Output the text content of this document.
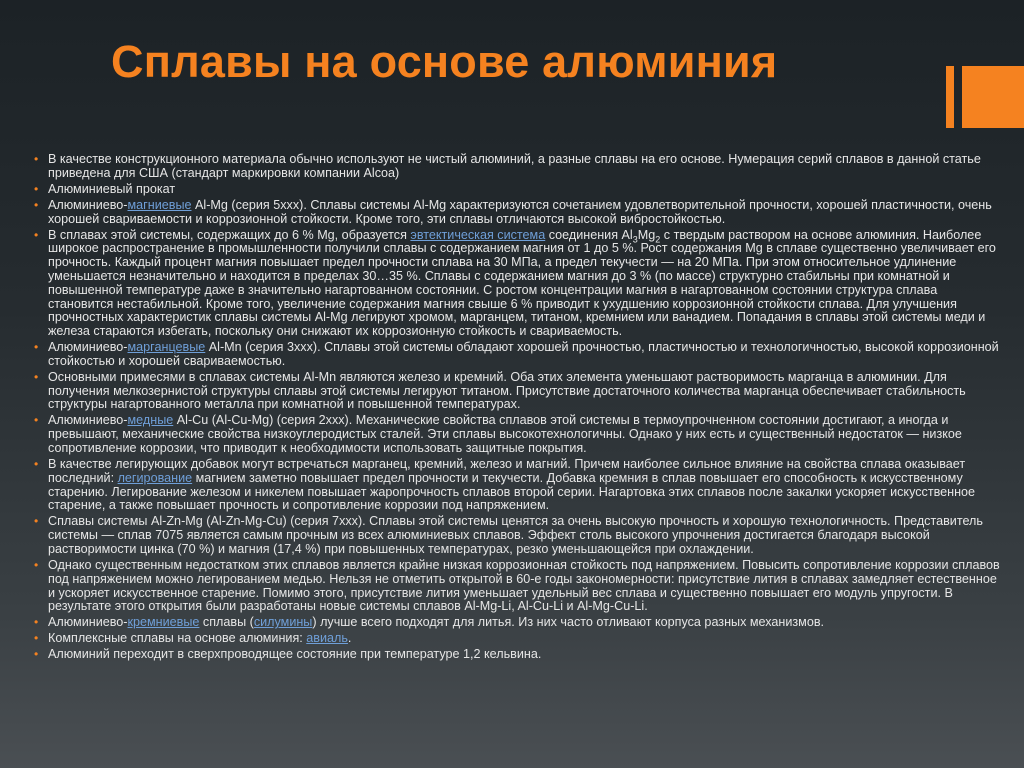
Сплавы на основе алюминия
• В качестве конструкционного материала обычно используют не чистый алюминий, а разные сплавы на его основе. Нумерация серий сплавов в данной статье приведена для США (стандарт маркировки компании Alcoa)
• Алюминиевый прокат
• Алюминиево-магниевые Al-Mg (серия 5ххх). Сплавы системы Al-Mg характеризуются сочетанием удовлетворительной прочности, хорошей пластичности, очень хорошей свариваемости и коррозионной стойкости. Кроме того, эти сплавы отличаются высокой вибростойкостью.
• В сплавах этой системы, содержащих до 6 % Mg, образуется эвтектическая система соединения $Al_3Mg_2$ с твердым раствором на основе алюминия. Наиболее широкое распространение в промышленности получили сплавы с содержанием магния от 1 до 5 %. Рост содержания Mg в сплаве существенно увеличивает его прочность. Каждый процент магния повышает предел прочности сплава на 30 МПа, а предел текучести — на 20 МПа. При этом относительное удлинение уменьшается незначительно и находится в пределах 30…35 %. Сплавы с содержанием магния до 3 % (по массе) структурно стабильны при комнатной и повышенной температуре даже в значительно нагартованном состоянии. С ростом концентрации магния в нагартованном состоянии структура сплава становится нестабильной. Кроме того, увеличение содержания магния свыше 6 % приводит к ухудшению коррозионной стойкости сплава. Для улучшения прочностных характеристик сплавы системы Al-Mg легируют хромом, марганцем, титаном, кремнием или ванадием. Попадания в сплавы этой системы меди и железа стараются избегать, поскольку они снижают их коррозионную стойкость и свариваемость.
• Алюминиево-марганцевые Al-Mn (серия 3ххх). Сплавы этой системы обладают хорошей прочностью, пластичностью и технологичностью, высокой коррозионной стойкостью и хорошей свариваемостью.
• Основными примесями в сплавах системы Al-Mn являются железо и кремний. Оба этих элемента уменьшают растворимость марганца в алюминии. Для получения мелкозернистой структуры сплавы этой системы легируют титаном. Присутствие достаточного количества марганца обеспечивает стабильность структуры нагартованного металла при комнатной и повышенной температурах.
• Алюминиево-медные Al-Cu (Al-Cu-Mg) (серия 2ххх). Механические свойства сплавов этой системы в термоупрочненном состоянии достигают, а иногда и превышают, механические свойства низкоуглеродистых сталей. Эти сплавы высокотехнологичны. Однако у них есть и существенный недостаток — низкое сопротивление коррозии, что приводит к необходимости использовать защитные покрытия.
• В качестве легирующих добавок могут встречаться марганец, кремний, железо и магний. Причем наиболее сильное влияние на свойства сплава оказывает последний: легирование магнием заметно повышает предел прочности и текучести. Добавка кремния в сплав повышает его способность к искусственному старению. Легирование железом и никелем повышает жаропрочность сплавов второй серии. Нагартовка этих сплавов после закалки ускоряет искусственное старение, а также повышает прочность и сопротивление коррозии под напряжением.
• Сплавы системы Al-Zn-Mg (Al-Zn-Mg-Cu) (серия 7ххх). Сплавы этой системы ценятся за очень высокую прочность и хорошую технологичность. Представитель системы — сплав 7075 является самым прочным из всех алюминиевых сплавов. Эффект столь высокого упрочнения достигается благодаря высокой растворимости цинка (70 %) и магния (17,4 %) при повышенных температурах, резко уменьшающейся при охлаждении.
• Однако существенным недостатком этих сплавов является крайне низкая коррозионная стойкость под напряжением. Повысить сопротивление коррозии сплавов под напряжением можно легированием медью. Нельзя не отметить открытой в 60-е годы закономерности: присутствие лития в сплавах замедляет естественное и ускоряет искусственное старение. Помимо этого, присутствие лития уменьшает удельный вес сплава и существенно повышает его модуль упругости. В результате этого открытия были разработаны новые системы сплавов Al-Mg-Li, Al-Cu-Li и Al-Mg-Cu-Li.
• Алюминиево-кремниевые сплавы (силумины) лучше всего подходят для литья. Из них часто отливают корпуса разных механизмов.
• Комплексные сплавы на основе алюминия: авиаль.
• Алюминий переходит в сверхпроводящее состояние при температуре 1,2 кельвина.
